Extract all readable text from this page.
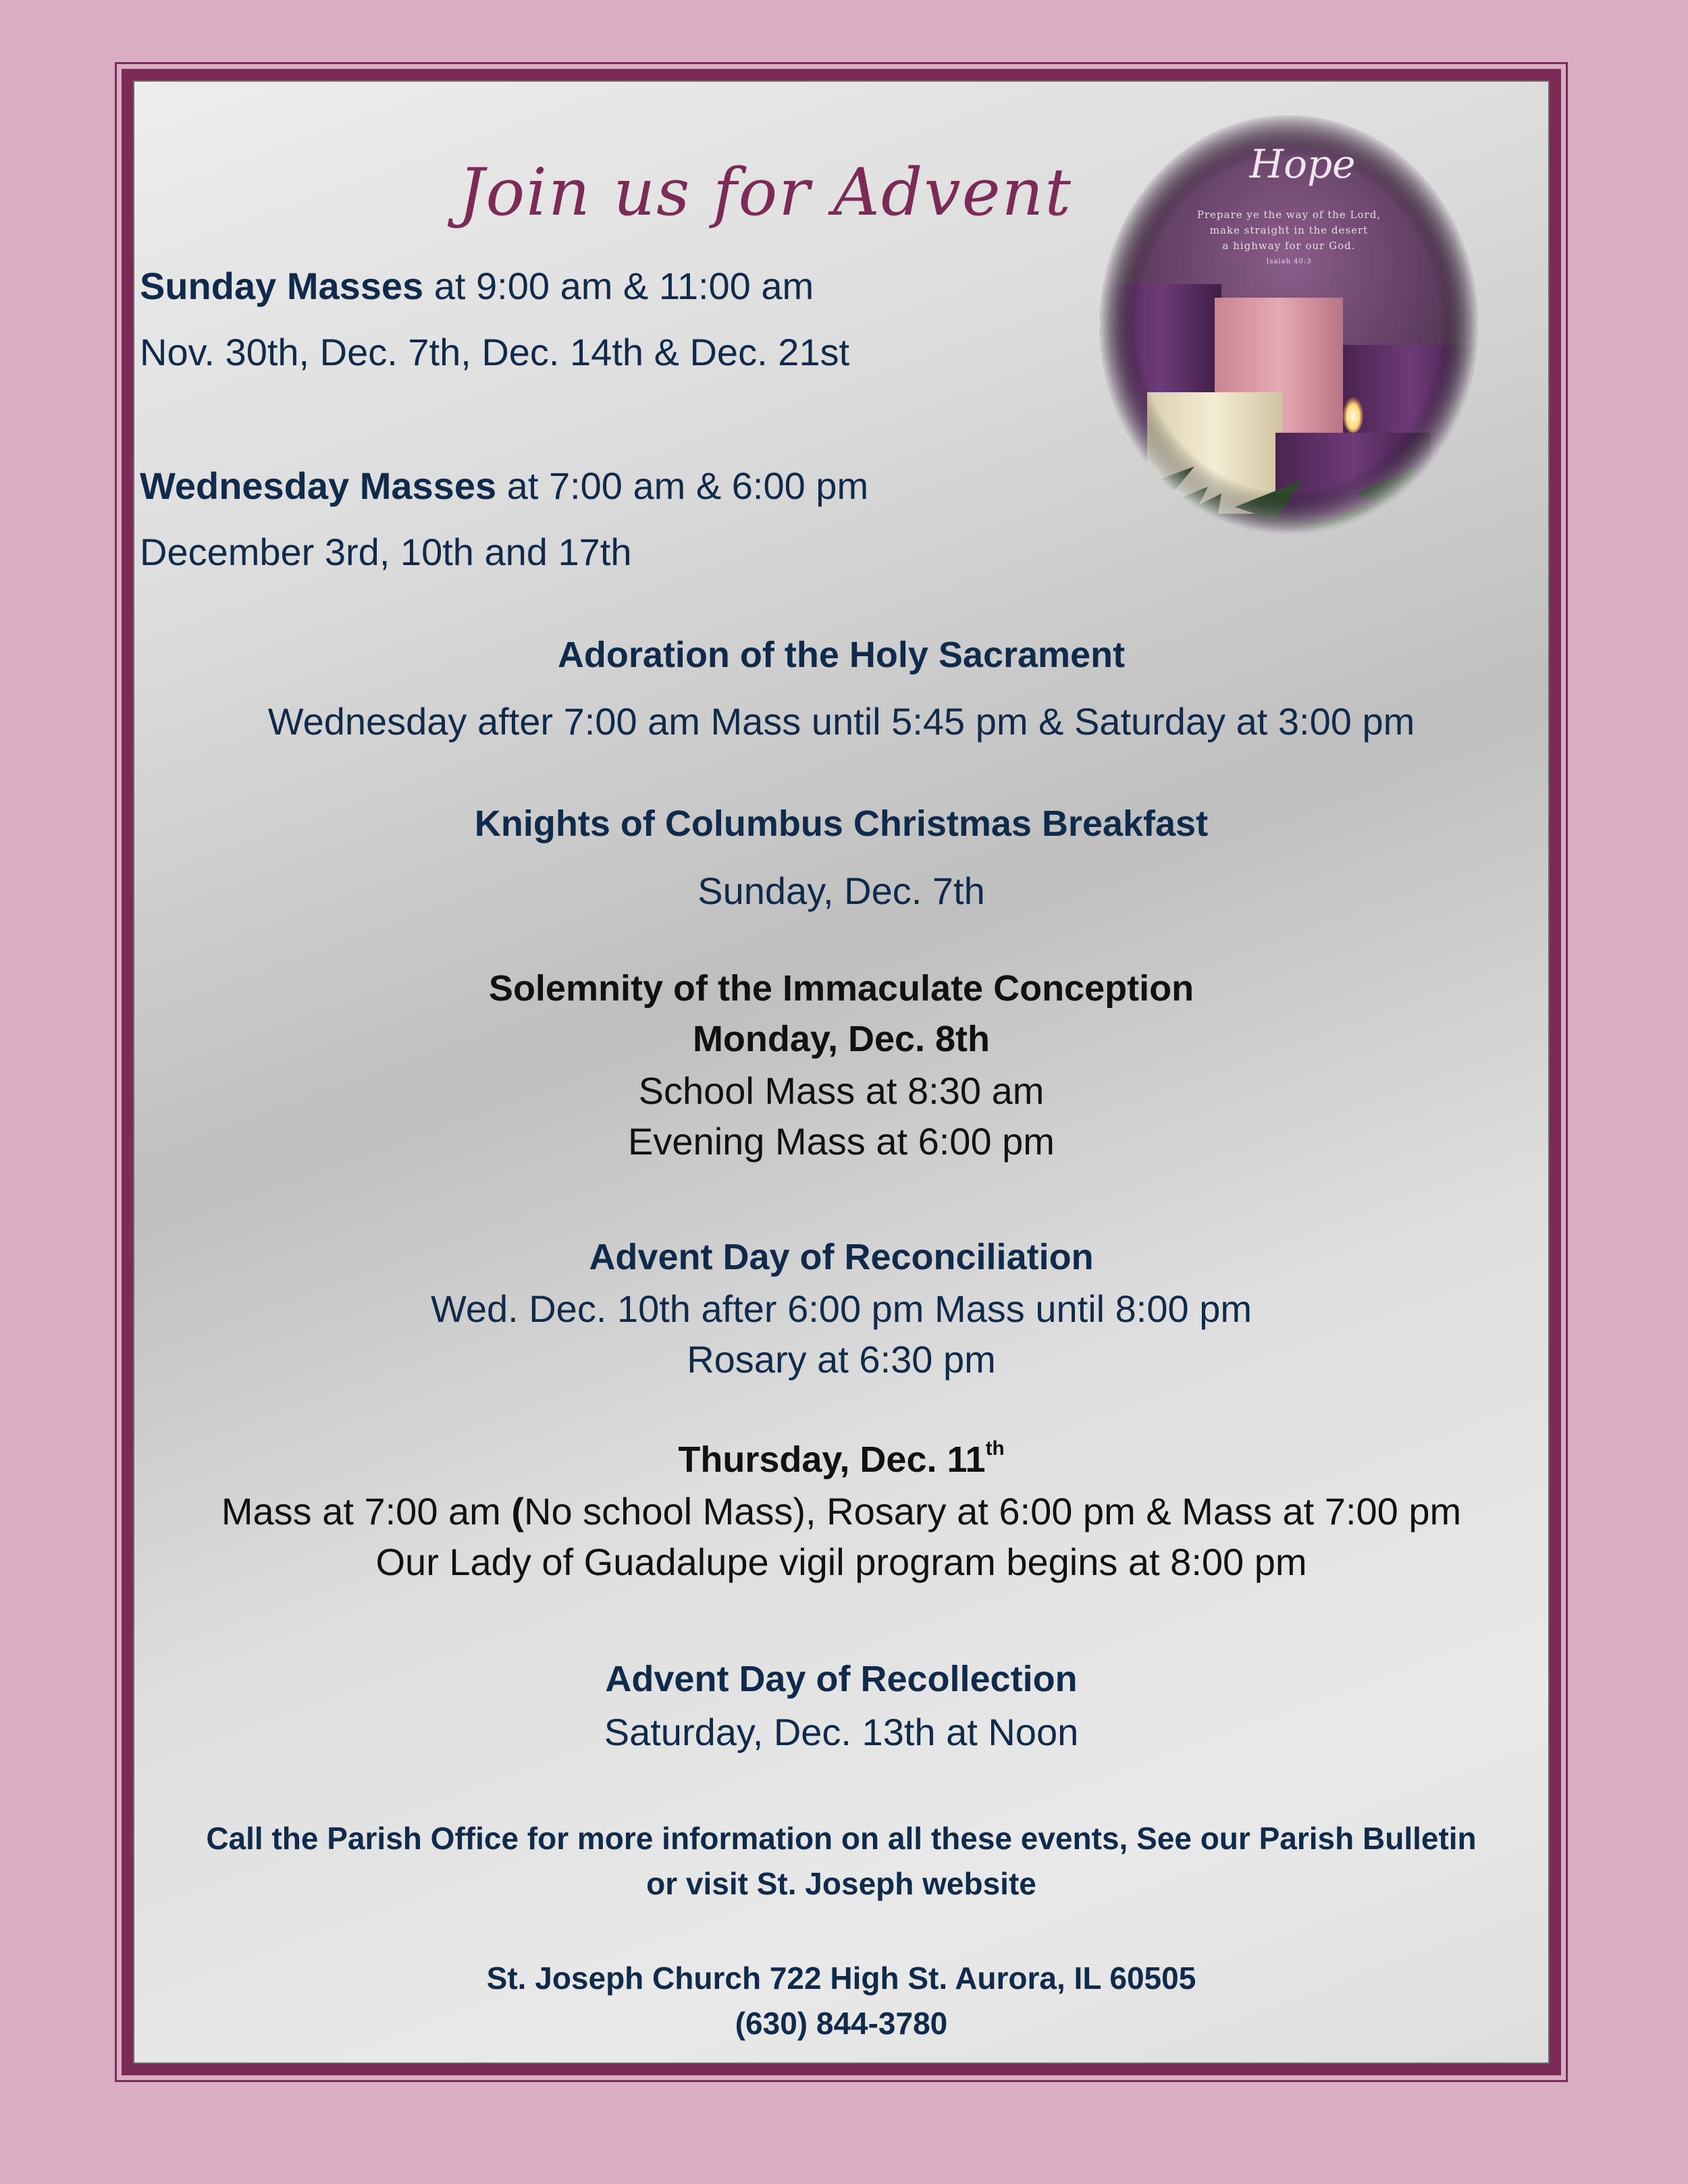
Join us for Advent	Hope
Prepare ye the way of the Lord,
make straight in the desert
a highway for our God.
Isaiah 40:3
Sunday Masses at 9:00 am & 11:00 am
Nov. 30th, Dec. 7th, Dec. 14th & Dec. 21st
Wednesday Masses at 7:00 am & 6:00 pm
December 3rd, 10th and 17th
Adoration of the Holy Sacrament
Wednesday after 7:00 am Mass until 5:45 pm & Saturday at 3:00 pm
Knights of Columbus Christmas Breakfast
Sunday, Dec. 7th
Solemnity of the Immaculate Conception
Monday, Dec. 8th
School Mass at 8:30 am
Evening Mass at 6:00 pm
Advent Day of Reconciliation
Wed. Dec. 10th after 6:00 pm Mass until 8:00 pm
Rosary at 6:30 pm
Thursday, Dec. 11th
Mass at 7:00 am (No school Mass), Rosary at 6:00 pm & Mass at 7:00 pm
Our Lady of Guadalupe vigil program begins at 8:00 pm
Advent Day of Recollection
Saturday, Dec. 13th at Noon
Call the Parish Office for more information on all these events, See our Parish Bulletin
or visit St. Joseph website
St. Joseph Church 722 High St. Aurora, IL 60505
(630) 844-3780
